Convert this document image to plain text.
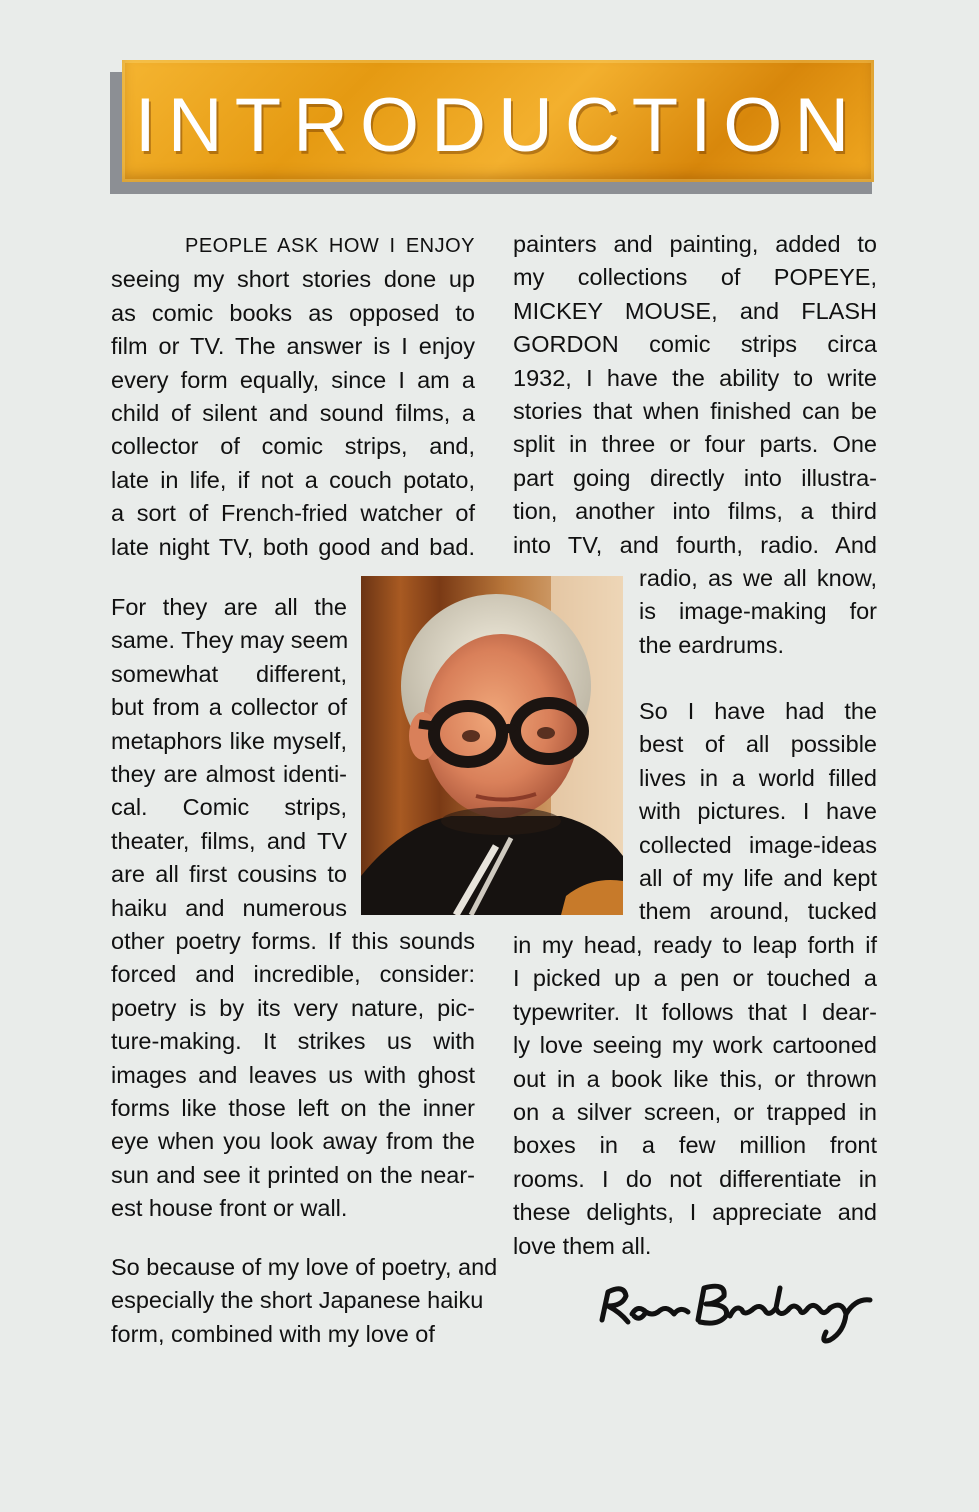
INTRODUCTION
PEOPLE ASK HOW I ENJOY
seeing my short stories done up
as comic books as opposed to
film or TV. The answer is I enjoy
every form equally, since I am a
child of silent and sound films, a
collector of comic strips, and,
late in life, if not a couch potato,
a sort of French-fried watcher of
late night TV, both good and bad.
For they are all the
same. They may seem
somewhat different,
but from a collector of
metaphors like myself,
they are almost identi-
cal. Comic strips,
theater, films, and TV
are all first cousins to
haiku and numerous
other poetry forms. If this sounds
forced and incredible, consider:
poetry is by its very nature, pic-
ture-making. It strikes us with
images and leaves us with ghost
forms like those left on the inner
eye when you look away from the
sun and see it printed on the near-
est house front or wall.
So because of my love of poetry, and
especially the short Japanese haiku
form, combined with my love of
painters and painting, added to
my collections of POPEYE,
MICKEY MOUSE, and FLASH
GORDON comic strips circa
1932, I have the ability to write
stories that when finished can be
split in three or four parts. One
part going directly into illustra-
tion, another into films, a third
into TV, and fourth, radio. And
radio, as we all know,
is image-making for
the eardrums.
So I have had the
best of all possible
lives in a world filled
with pictures. I have
collected image-ideas
all of my life and kept
them around, tucked
in my head, ready to leap forth if
I picked up a pen or touched a
typewriter. It follows that I dear-
ly love seeing my work cartooned
out in a book like this, or thrown
on a silver screen, or trapped in
boxes in a few million front
rooms. I do not differentiate in
these delights, I appreciate and
love them all.
